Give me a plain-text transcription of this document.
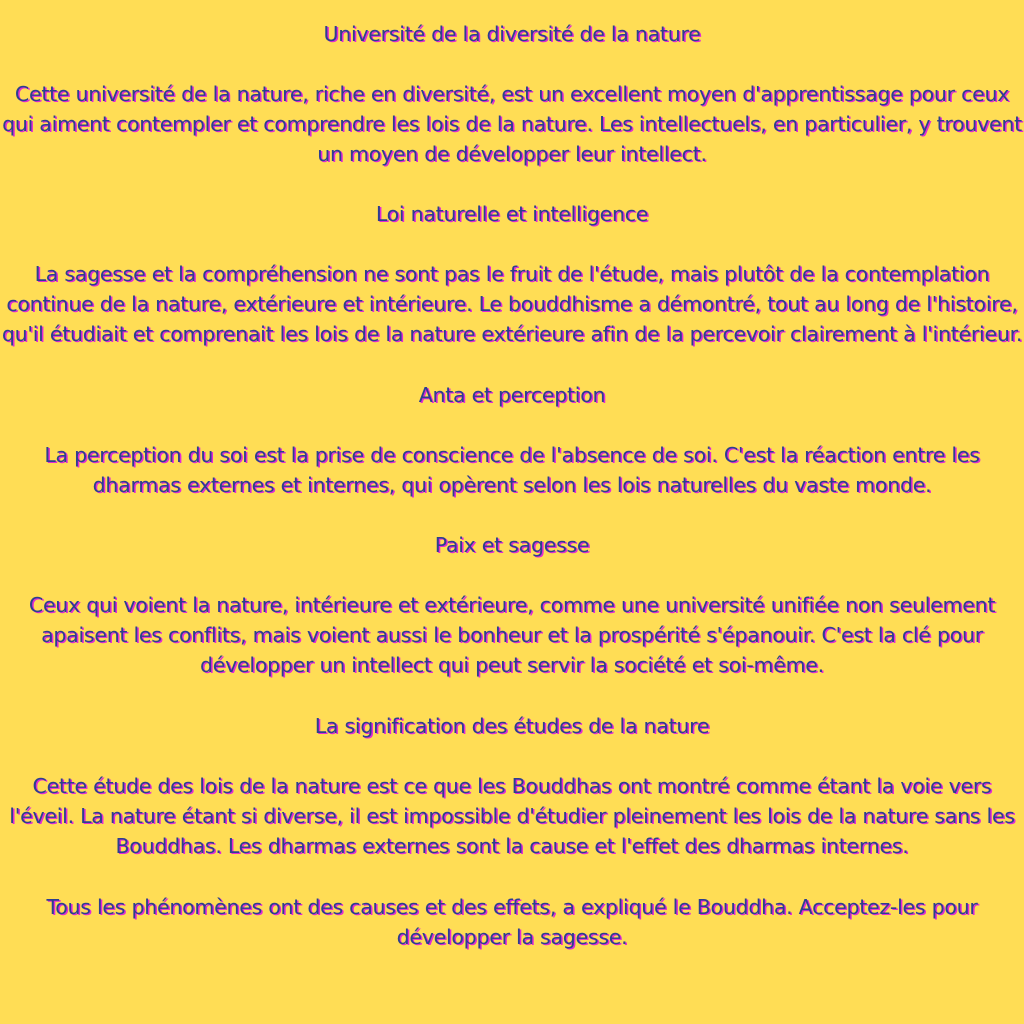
Université de la diversité de la nature
Cette université de la nature, riche en diversité, est un excellent moyen d'apprentissage pour ceux
qui aiment contempler et comprendre les lois de la nature. Les intellectuels, en particulier, y trouvent
un moyen de développer leur intellect.
Loi naturelle et intelligence
La sagesse et la compréhension ne sont pas le fruit de l'étude, mais plutôt de la contemplation
continue de la nature, extérieure et intérieure. Le bouddhisme a démontré, tout au long de l'histoire,
qu'il étudiait et comprenait les lois de la nature extérieure afin de la percevoir clairement à l'intérieur.
Anta et perception
La perception du soi est la prise de conscience de l'absence de soi. C'est la réaction entre les
dharmas externes et internes, qui opèrent selon les lois naturelles du vaste monde.
Paix et sagesse
Ceux qui voient la nature, intérieure et extérieure, comme une université unifiée non seulement
apaisent les conflits, mais voient aussi le bonheur et la prospérité s'épanouir. C'est la clé pour
développer un intellect qui peut servir la société et soi-même.
La signification des études de la nature
Cette étude des lois de la nature est ce que les Bouddhas ont montré comme étant la voie vers
l'éveil. La nature étant si diverse, il est impossible d'étudier pleinement les lois de la nature sans les
Bouddhas. Les dharmas externes sont la cause et l'effet des dharmas internes.
Tous les phénomènes ont des causes et des effets, a expliqué le Bouddha. Acceptez-les pour
développer la sagesse.
